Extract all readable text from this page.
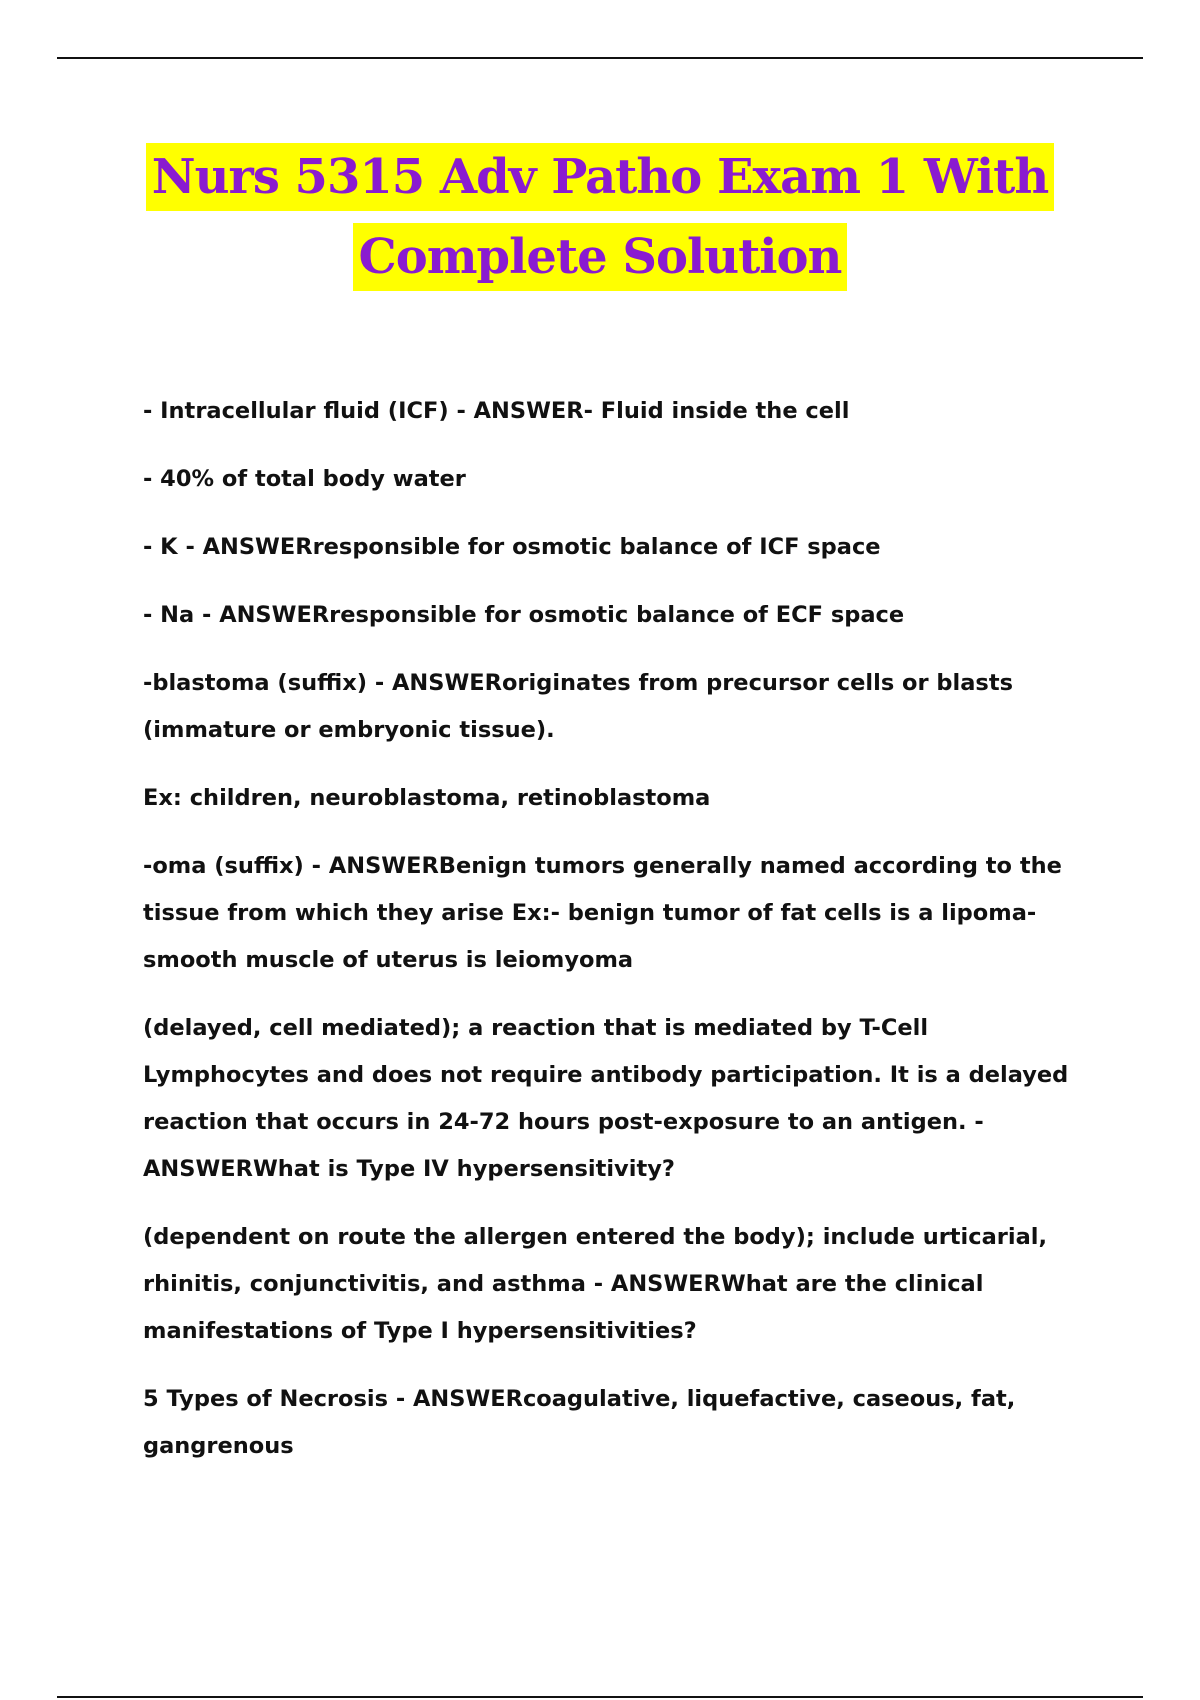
Nurs 5315 Adv Patho Exam 1 With
Complete Solution

- Intracellular fluid (ICF) - ANSWER- Fluid inside the cell

- 40% of total body water

- K - ANSWERresponsible for osmotic balance of ICF space

- Na - ANSWERresponsible for osmotic balance of ECF space

-blastoma (suffix) - ANSWERoriginates from precursor cells or blasts (immature or embryonic tissue).

Ex: children, neuroblastoma, retinoblastoma

-oma (suffix) - ANSWERBenign tumors generally named according to the tissue from which they arise Ex:- benign tumor of fat cells is a lipoma- smooth muscle of uterus is leiomyoma

(delayed, cell mediated); a reaction that is mediated by T-Cell Lymphocytes and does not require antibody participation. It is a delayed reaction that occurs in 24-72 hours post-exposure to an antigen. - ANSWERWhat is Type IV hypersensitivity?

(dependent on route the allergen entered the body); include urticarial, rhinitis, conjunctivitis, and asthma - ANSWERWhat are the clinical manifestations of Type I hypersensitivities?

5 Types of Necrosis - ANSWERcoagulative, liquefactive, caseous, fat, gangrenous
